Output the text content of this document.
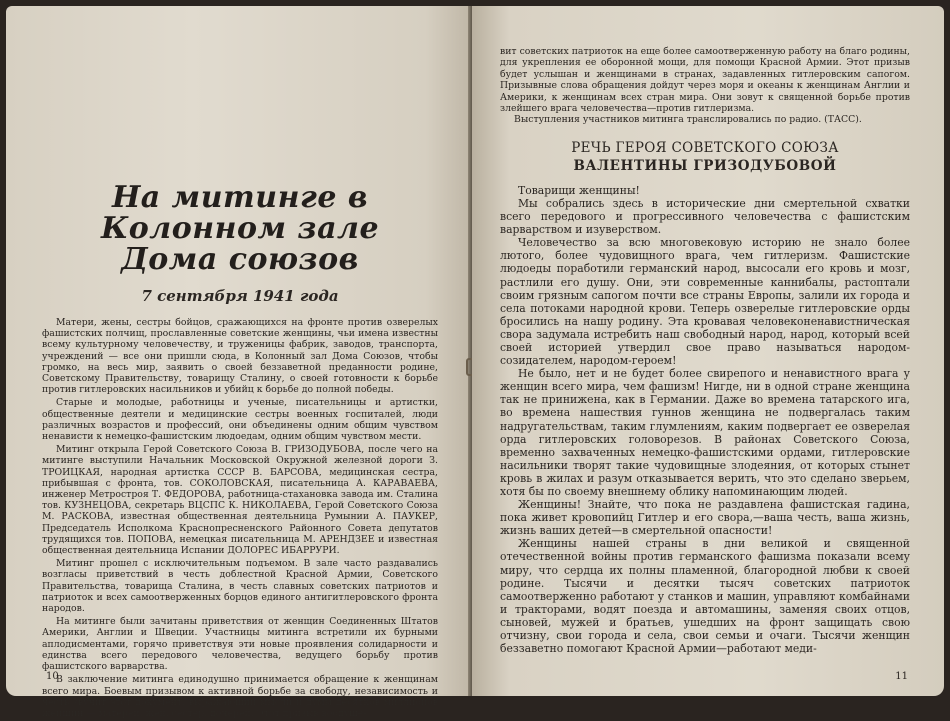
На митинге в Колонном зале
Дома союзов
7 сентября 1941 года

Матери, жены, сестры бойцов, сражающихся на фронте против озверелых фашистских полчищ, прославленные советские женщины, чьи имена известны всему культурному человечеству, и труженицы фабрик, заводов, транспорта, учреждений — все они пришли сюда, в Колонный зал Дома Союзов, чтобы громко, на весь мир, заявить о своей беззаветной преданности родине, Советскому Правительству, товарищу Сталину, о своей готовности к борьбе против гитлеровских насильников и убийц к борьбе до полной победы.

Старые и молодые, работницы и ученые, писательницы и артистки, общественные деятели и медицинские сестры военных госпиталей, люди различных возрастов и профессий, они объединены одним общим чувством ненависти к немецко-фашистским людоедам, одним общим чувством мести.

Митинг открыла Герой Советского Союза В. ГРИЗОДУБОВА, после чего на митинге выступили Начальник Московской Окружной железной дороги З. ТРОИЦКАЯ, народная артистка СССР В. БАРСОВА, медицинская сестра, прибывшая с фронта, тов. СОКОЛОВСКАЯ, писательница А. КАРАВАЕВА, инженер Метростроя Т. ФЕДОРОВА, работница-стахановка завода им. Сталина тов. КУЗНЕЦОВА, секретарь ВЦСПС К. НИКОЛАЕВА, Герой Советского Союза М. РАСКОВА, известная общественная деятельница Румынии А. ПАУКЕР, Председатель Исполкома Краснопресненского Районного Совета депутатов трудящихся тов. ПОПОВА, немецкая писательница М. АРЕНДЗЕЕ и известная общественная деятельница Испании ДОЛОРЕС ИБАРРУРИ.

Митинг прошел с исключительным подъемом. В зале часто раздавались возгласы приветствий в честь доблестной Красной Армии, Советского Правительства, товарища Сталина, в честь славных советских патриотов и патриоток и всех самоотверженных борцов единого антигитлеровского фронта народов.

На митинге были зачитаны приветствия от женщин Соединенных Штатов Америки, Англии и Швеции. Участницы митинга встретили их бурными аплодисментами, горячо приветствуя эти новые проявления солидарности и единства всего передового человечества, ведущего борьбу против фашистского варварства.

В заключение митинга единодушно принимается обращение к женщинам всего мира. Боевым призывом к активной борьбе за свободу, независимость и честь звучит этот документ, выражающий мысли и думы десятков миллионов женщин — матерей, жен, сестер, дочерей. Этот призыв воодуше-

10

вит советских патриоток на еще более самоотверженную работу на благо родины, для укрепления ее оборонной мощи, для помощи Красной Армии. Этот призыв будет услышан и женщинами в странах, задавленных гитлеровским сапогом. Призывные слова обращения дойдут через моря и океаны к женщинам Англии и Америки, к женщинам всех стран мира. Они зовут к священной борьбе против злейшего врага человечества—против гитлеризма.

Выступления участников митинга транслировались по радио. (ТАСС).

РЕЧЬ ГЕРОЯ СОВЕТСКОГО СОЮЗА
ВАЛЕНТИНЫ ГРИЗОДУБОВОЙ

Товарищи женщины!

Мы собрались здесь в исторические дни смертельной схватки всего передового и прогрессивного человечества с фашистским варварством и изуверством.

Человечество за всю многовековую историю не знало более лютого, более чудовищного врага, чем гитлеризм. Фашистские людоеды поработили германский народ, высосали его кровь и мозг, растлили его душу. Они, эти современные каннибалы, растоптали своим грязным сапогом почти все страны Европы, залили их города и села потоками народной крови. Теперь озверелые гитлеровские орды бросились на нашу родину. Эта кровавая человеконенавистническая свора задумала истребить наш свободный народ, народ, который всей своей историей утвердил свое право называться народом-созидателем, народом-героем!

Не было, нет и не будет более свирепого и ненавистного врага у женщин всего мира, чем фашизм! Нигде, ни в одной стране женщина так не принижена, как в Германии. Даже во времена татарского ига, во времена нашествия гуннов женщина не подвергалась таким надругательствам, таким глумлениям, каким подвергает ее озверелая орда гитлеровских головорезов. В районах Советского Союза, временно захваченных немецко-фашистскими ордами, гитлеровские насильники творят такие чудовищные злодеяния, от которых стынет кровь в жилах и разум отказывается верить, что это сделано зверьем, хотя бы по своему внешнему облику напоминающим людей.

Женщины! Знайте, что пока не раздавлена фашистская гадина, пока живет кровопийц Гитлер и его свора,—ваша честь, ваша жизнь, жизнь ваших детей—в смертельной опасности!

Женщины нашей страны в дни великой и священной отечественной войны против германского фашизма показали всему миру, что сердца их полны пламенной, благородной любви к своей родине. Тысячи и десятки тысяч советских патриоток самоотверженно работают у станков и машин, управляют комбайнами и тракторами, водят поезда и автомашины, заменяя своих отцов, сыновей, мужей и братьев, ушедших на фронт защищать свою отчизну, свои города и села, свои семьи и очаги. Тысячи женщин беззаветно помогают Красной Армии—работают меди-

11
